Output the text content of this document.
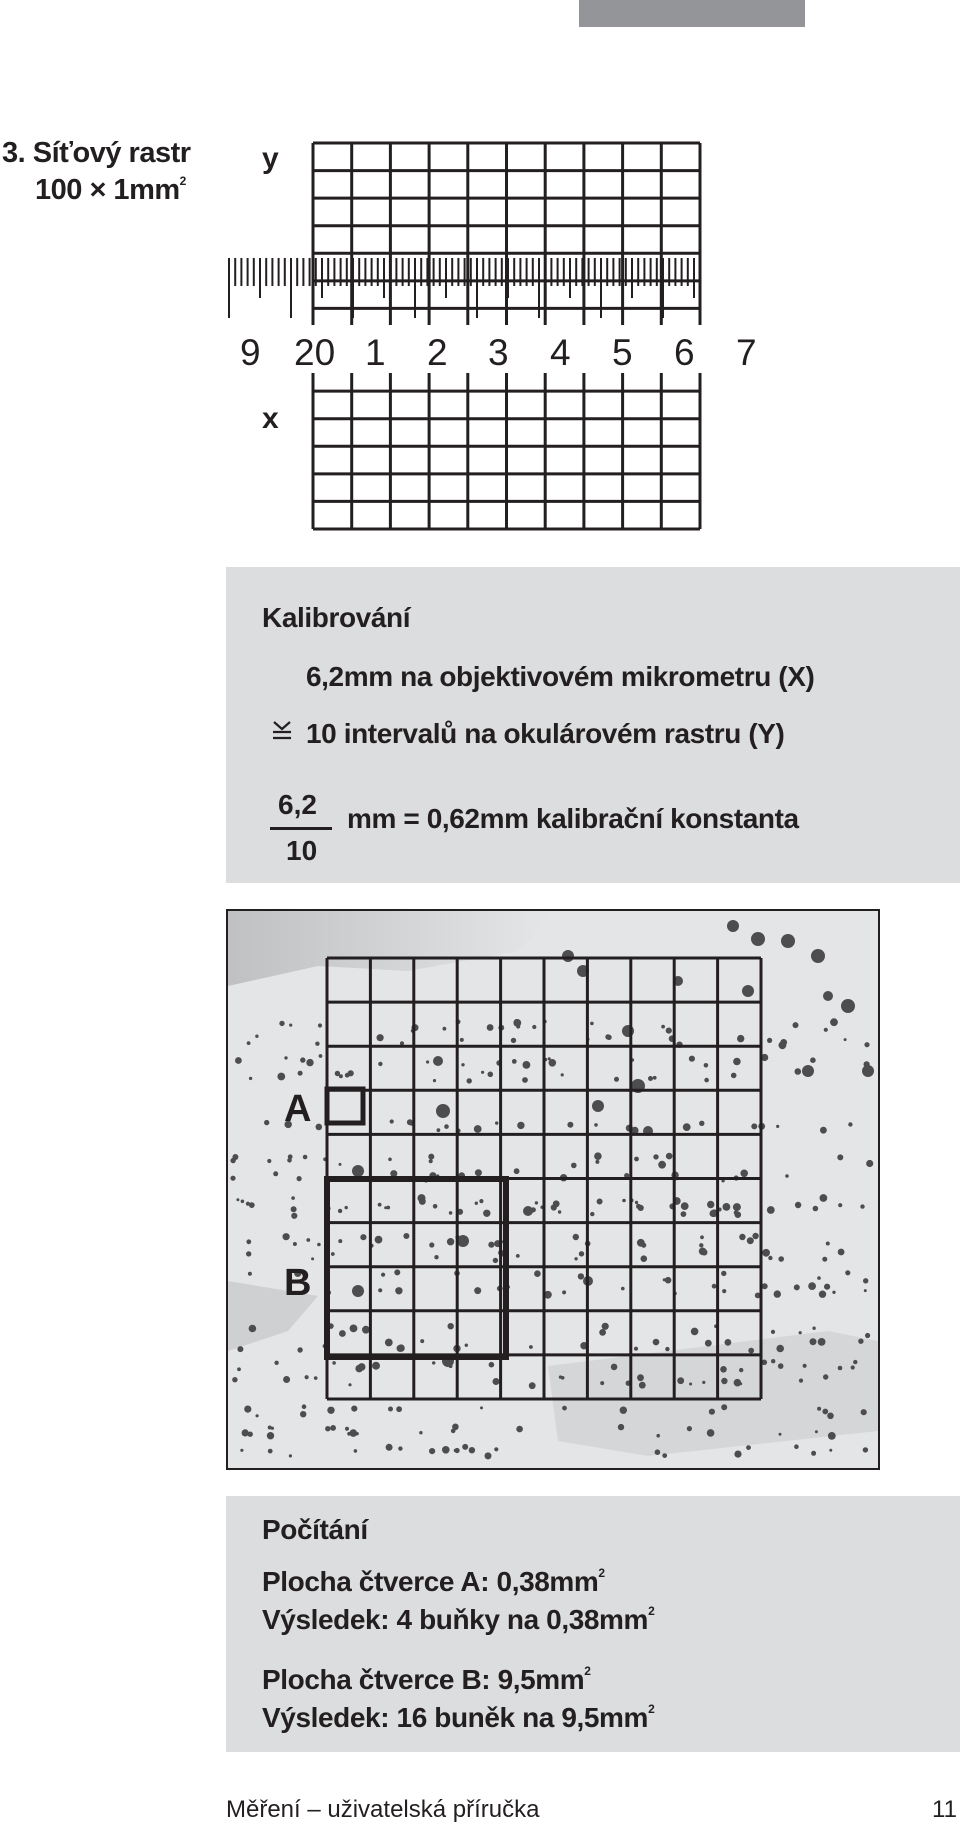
3. Síťový rastr
$100 \times 1mm^2$
9 20 1 2 3 4 5 6 7
y
x
Kalibrování
6,2mm na objektivovém mikrometru (X)
10 intervalů na okulárovém rastru (Y)
6,2
10
mm = 0,62mm kalibrační konstanta
A
B
Počítání
Plocha čtverce A: $0,38mm^2$
Výsledek: 4 buňky na $0,38mm^2$
Plocha čtverce B: $9,5mm^2$
Výsledek: 16 buněk na $9,5mm^2$
Měření – uživatelská příručka	11
